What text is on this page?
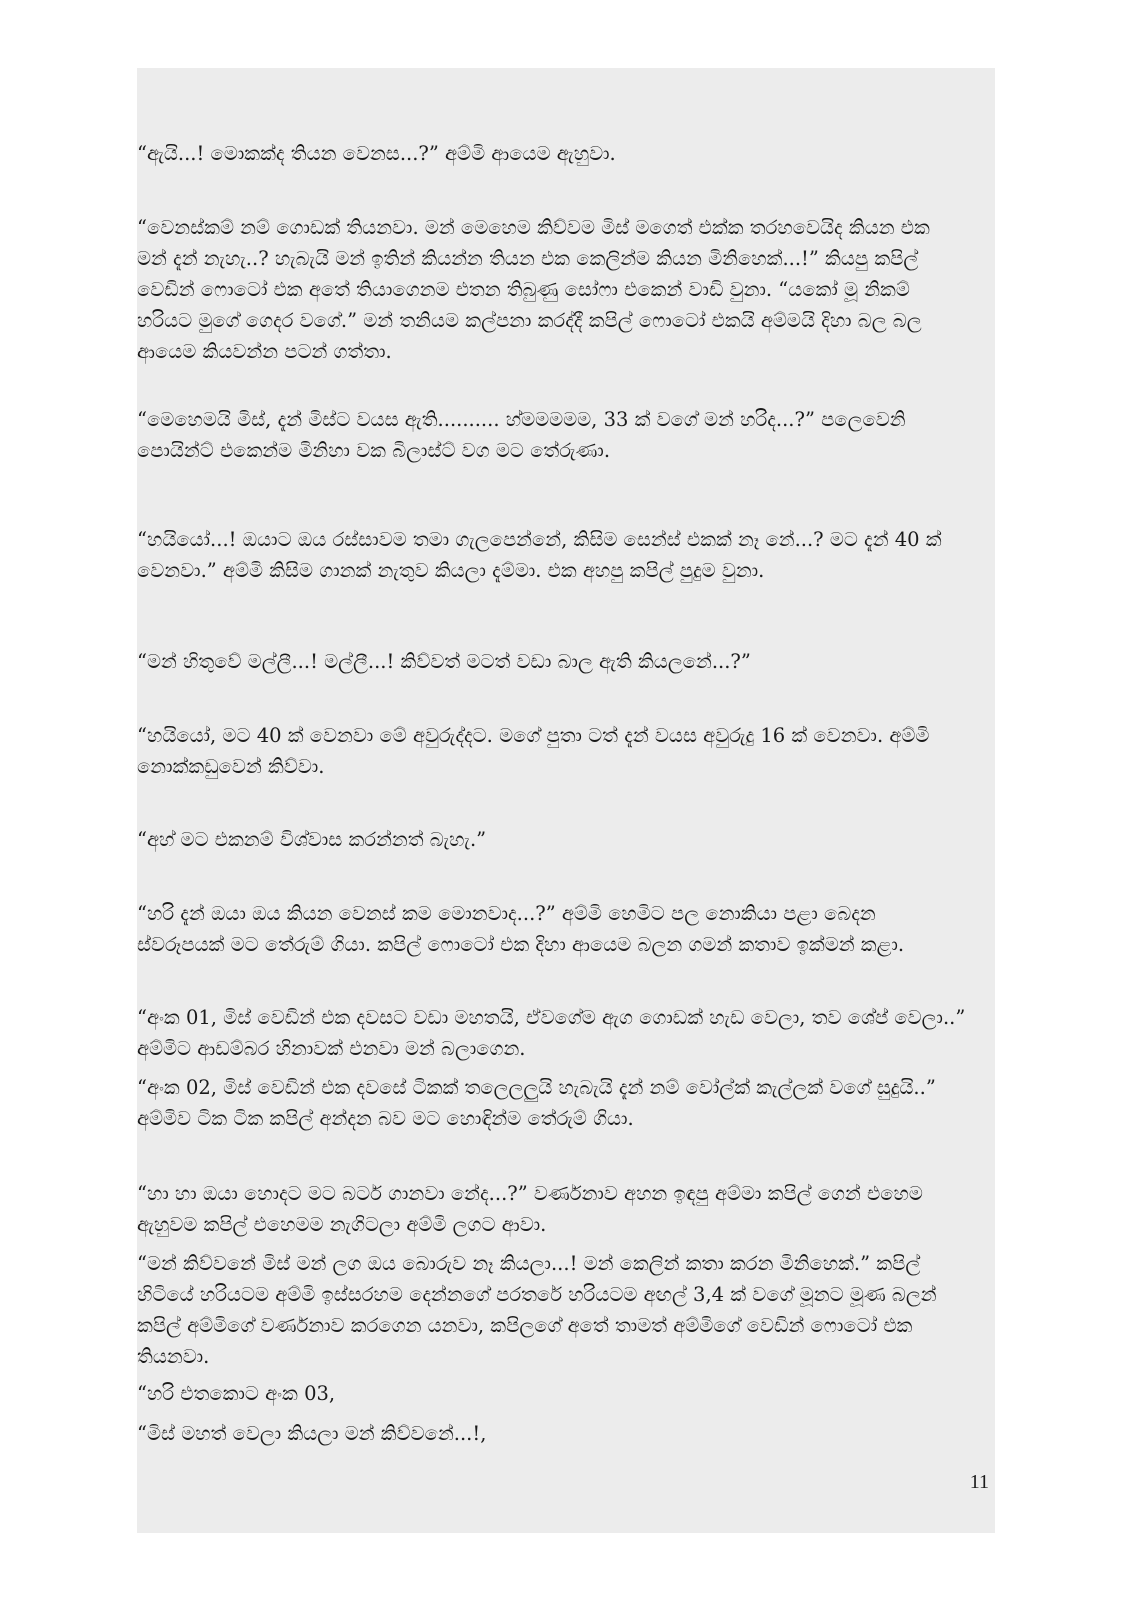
“ඇයි...! මොකක්ද තියන වෙනස...?” අම්මි ආයෙම ඇහුවා.
“වෙනස්කම් නම් ගොඩක් තියනවා. මන් මෙහෙම කිව්වම මිස් මගෙත් එක්ක තරහවෙයිද කියන එක
මන් දැන් නැහැ..? හැබැයි මන් ඉතින් කියන්න තියන එක කෙලින්ම කියන මිනිහෙක්...!” කියපු කපිල්
වෙඩින් ෆොටෝ එක අතේ තියාගෙනම එතන තිබුණු සෝෆා එකෙන් වාඩි වුනා. “යකෝ මූ නිකම්
හරියට මුගේ ගෙදර වගේ.” මන් තනියම කල්පනා කරද්දී කපිල් ෆොටෝ එකයි අම්මයි දිහා බල බල
ආයෙම කියවන්න පටන් ගත්තා.
“මෙහෙමයි මිස්, දැන් මිස්ට වයස ඇති.......... හ්මමමමම, 33 ක් වගේ මන් හරිද...?” පලෙවෙනි
පොයින්ට් එකෙන්ම මිනිහා වක බිලාස්ට් වග මට තේරුණා.
“හයියෝ...! ඔයාට ඔය රස්සාවම තමා ගැලපෙන්නේ, කිසිම සෙන්ස් එකක් නෑ නේ...? මට දැන් 40 ක්
වෙනවා.” අම්මි කිසිම ගානක් නැතුව කියලා දැම්මා. එක අහපු කපිල් පුදුම වුනා.
“මන් හිතුවේ මල්ලී...! මල්ලී...! කිව්වත් මටත් වඩා බාල ඇති කියලනේ...?”
“හයියෝ, මට 40 ක් වෙනවා මේ අවුරුද්දට. මගේ පුතා ටත් දැන් වයස අවුරුදු 16 ක් වෙනවා. අම්මි
නොක්කඩුවෙන් කිව්වා.
“අහ් මට එකනම් විශ්වාස කරන්නත් බැහැ.”
“හරි දැන් ඔයා ඔය කියන වෙනස් කම මොනවාද...?” අම්මි හෙමිට පල නොකියා පළා බෙදන
ස්වරූපයක් මට තේරුම් ගියා. කපිල් ෆොටෝ එක දිහා ආයෙම බලන ගමන් කතාව ඉක්මන් කළා.
“අංක 01, මිස් වෙඩින් එක දවසට වඩා මහතයි, ඒවගේම ඇග ගොඩක් හැඩ වෙලා, තව ශේප් වෙලා..”
අම්මිට ආඩම්බර හිනාවක් එනවා මන් බලාගෙන.
“අංක 02, මිස් වෙඩින් එක දවසේ ටිකක් තලෙලලුයි හැබැයි දැන් නම් වෝල්ක් කැල්ලක් වගේ සුදුයි..”
අම්මිව ටික ටික කපිල් අන්දන බව මට හොඳින්ම තේරුම් ගියා.
“හා හා ඔයා හොදට මට බටර් ගානවා නේද...?” වර්ණනාව අහන ඉඳපු අම්මා කපිල් ගෙන් එහෙම
ඇහුවම කපිල් එහෙමම නැගිටලා අම්මි ලගට ආවා.
“මන් කිව්වනේ මිස් මන් ලග ඔය බොරුව නෑ කියලා...! මන් කෙලින් කතා කරන මිනිහෙක්.” කපිල්
හිටියේ හරියටම අම්මි ඉස්සරහම දෙන්නගේ පරතරේ හරියටම අඟල් 3,4 ක් වගේ මූනට මූණ බලන්
කපිල් අම්මිගේ වර්ණනාව කරගෙන යනවා, කපිලගේ අතේ තාමත් අම්මිගේ වෙඩින් ෆොටෝ එක
තියනවා.
“හරි එතකොට අංක 03,
“මිස් මහත් වෙලා කියලා මන් කිව්වනේ...!,
11
